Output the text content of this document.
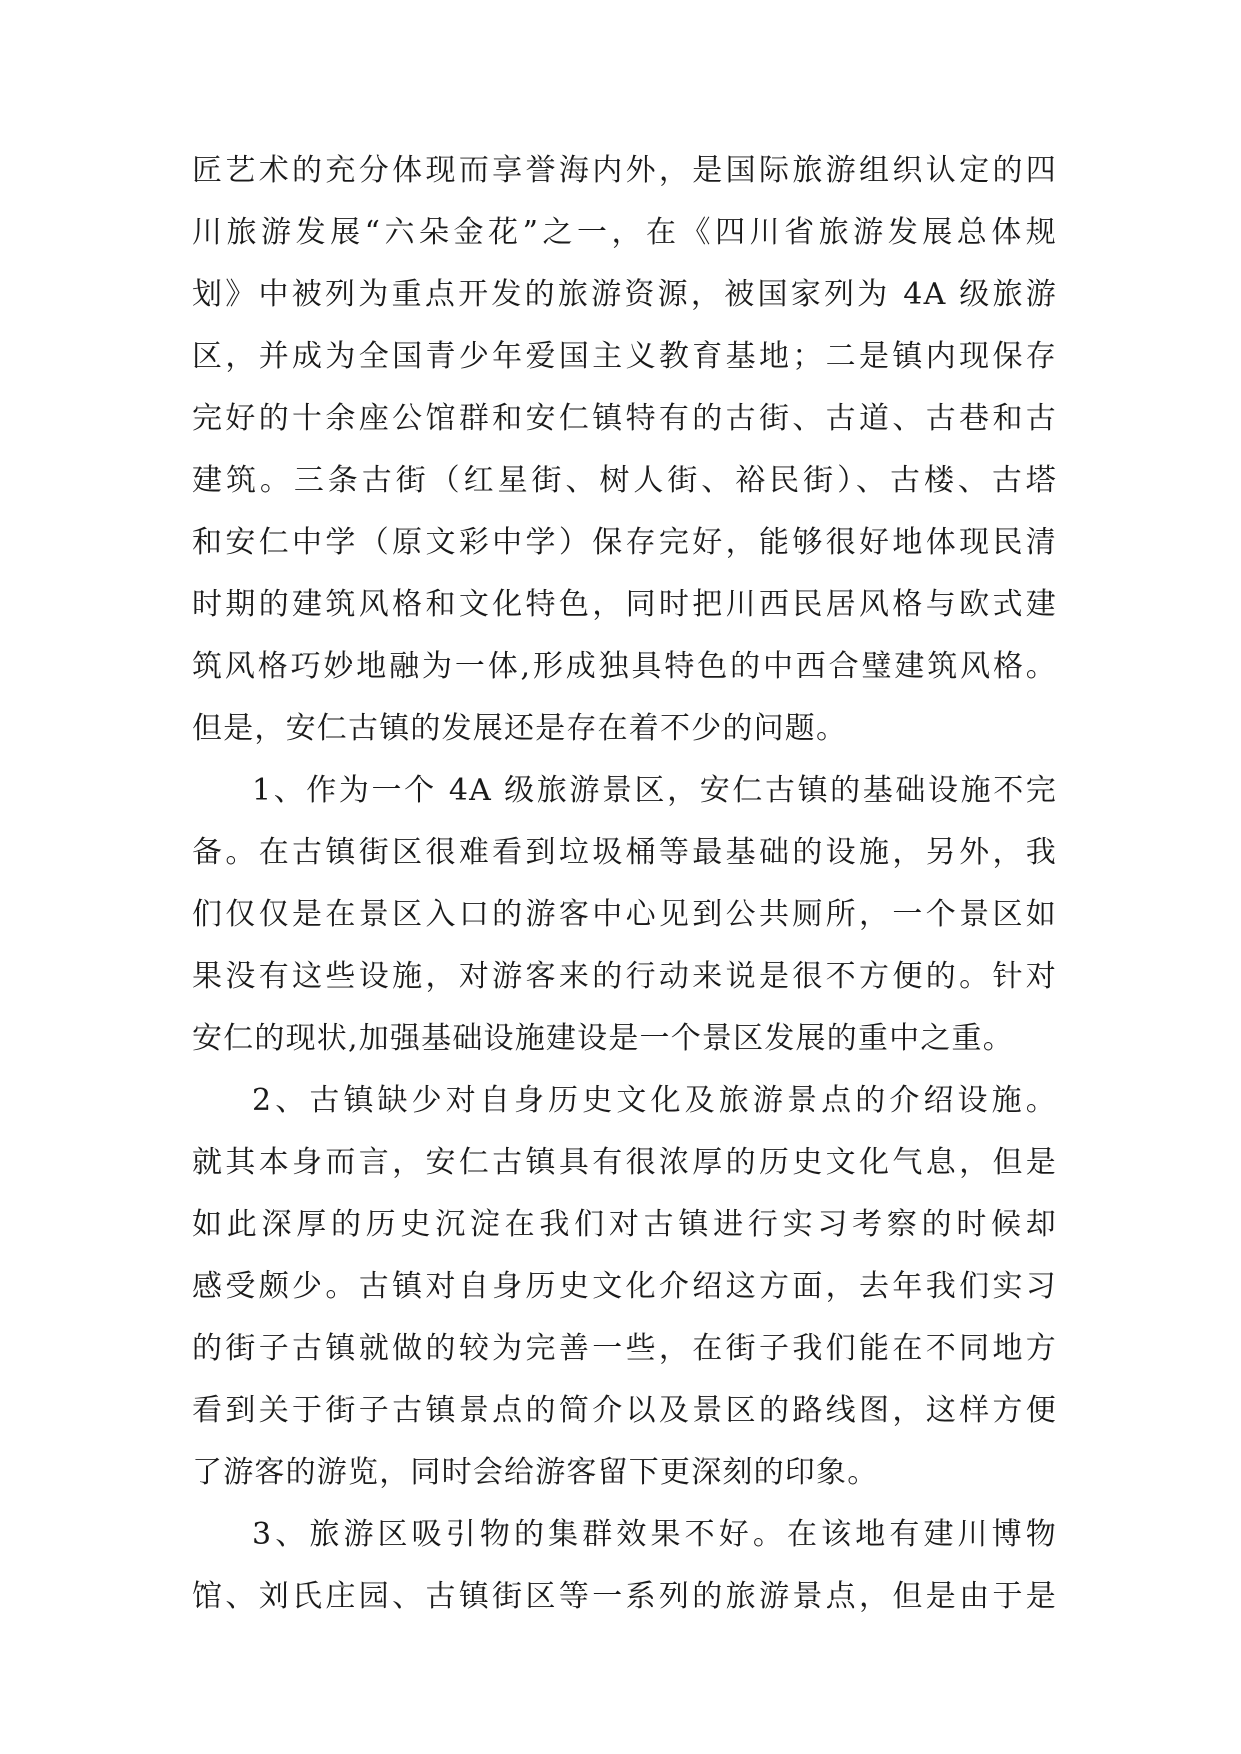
匠艺术的充分体现而享誉海内外，是国际旅游组织认定的四
川旅游发展“六朵金花”之一，在《四川省旅游发展总体规
划》中被列为重点开发的旅游资源，被国家列为 4A 级旅游
区，并成为全国青少年爱国主义教育基地；二是镇内现保存
完好的十余座公馆群和安仁镇特有的古街、古道、古巷和古
建筑。三条古街（红星街、树人街、裕民街）、古楼、古塔
和安仁中学（原文彩中学）保存完好，能够很好地体现民清
时期的建筑风格和文化特色，同时把川西民居风格与欧式建
筑风格巧妙地融为一体,形成独具特色的中西合璧建筑风格。
但是，安仁古镇的发展还是存在着不少的问题。
1、作为一个 4A 级旅游景区，安仁古镇的基础设施不完
备。在古镇街区很难看到垃圾桶等最基础的设施，另外，我
们仅仅是在景区入口的游客中心见到公共厕所，一个景区如
果没有这些设施，对游客来的行动来说是很不方便的。针对
安仁的现状,加强基础设施建设是一个景区发展的重中之重。
2、古镇缺少对自身历史文化及旅游景点的介绍设施。
就其本身而言，安仁古镇具有很浓厚的历史文化气息，但是
如此深厚的历史沉淀在我们对古镇进行实习考察的时候却
感受颇少。古镇对自身历史文化介绍这方面，去年我们实习
的街子古镇就做的较为完善一些，在街子我们能在不同地方
看到关于街子古镇景点的简介以及景区的路线图，这样方便
了游客的游览，同时会给游客留下更深刻的印象。
3、旅游区吸引物的集群效果不好。在该地有建川博物
馆、刘氏庄园、古镇街区等一系列的旅游景点，但是由于是
